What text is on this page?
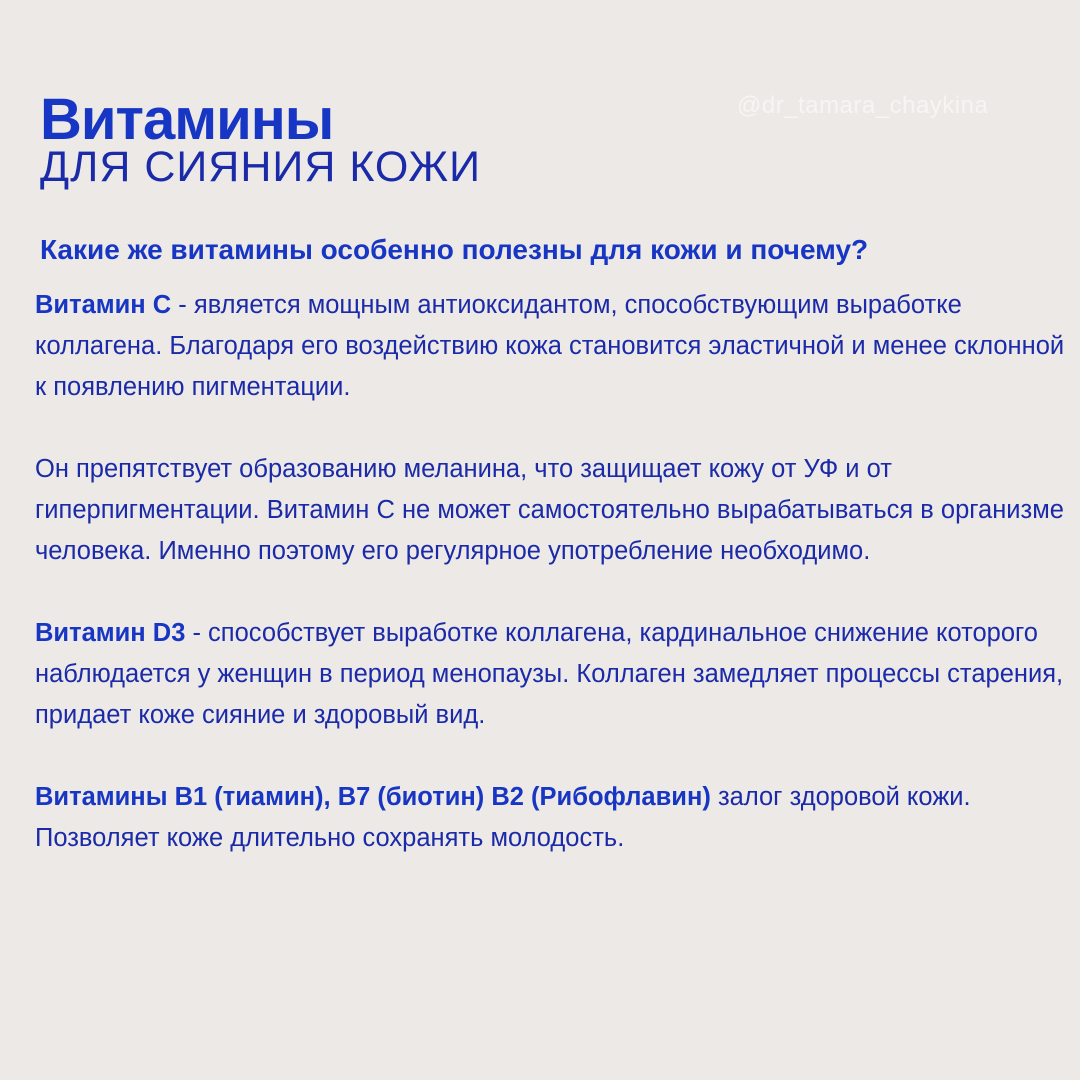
Витамины
ДЛЯ СИЯНИЯ КОЖИ
@dr_tamara_chaykina
Какие же витамины особенно полезны для кожи и почему?

Витамин С - является мощным антиоксидантом, способствующим выработке коллагена. Благодаря его воздействию кожа становится эластичной и менее склонной к появлению пигментации.

Он препятствует образованию меланина, что защищает кожу от УФ и от гиперпигментации. Витамин С не может самостоятельно вырабатываться в организме человека. Именно поэтому его регулярное употребление необходимо.

Витамин D3 - способствует выработке коллагена, кардинальное снижение которого наблюдается у женщин в период менопаузы. Коллаген замедляет процессы старения, придает коже сияние и здоровый вид.

Витамины B1 (тиамин), B7 (биотин) B2 (Рибофлавин) залог здоровой кожи. Позволяет коже длительно сохранять молодость.
